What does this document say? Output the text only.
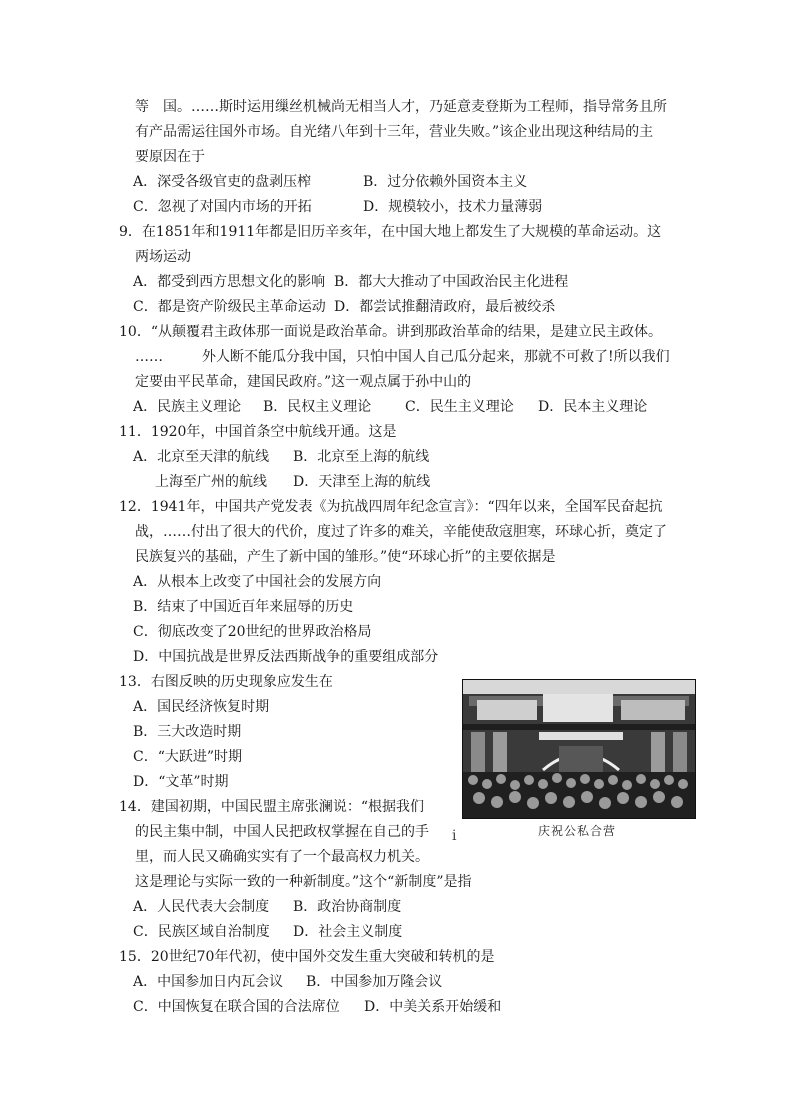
等　国。……斯时运用缫丝机械尚无相当人才，乃延意麦登斯为工程师，指导常务且所
有产品需运往国外市场。自光绪八年到十三年，营业失败。”该企业出现这种结局的主
要原因在于
A．深受各级官吏的盘剥压榨	B．过分依赖外国资本主义
C．忽视了对国内市场的开拓	D．规模较小，技术力量薄弱
9．在1851年和1911年都是旧历辛亥年，在中国大地上都发生了大规模的革命运动。这
两场运动
A．都受到西方思想文化的影响 B．都大大推动了中国政治民主化进程
C．都是资产阶级民主革命运动 D．都尝试推翻清政府，最后被绞杀
10．“从颠覆君主政体那一面说是政治革命。讲到那政治革命的结果，是建立民主政体。
……	外人断不能瓜分我中国，只怕中国人自己瓜分起来，那就不可救了!所以我们
定要由平民革命，建国民政府。”这一观点属于孙中山的
A．民族主义理论 B．民权主义理论 C．民生主义理论 D．民本主义理论
11．1920年，中国首条空中航线开通。这是
A．北京至天津的航线 B．北京至上海的航线
上海至广州的航线 D．天津至上海的航线
12．1941年，中国共产党发表《为抗战四周年纪念宣言》：“四年以来，全国军民奋起抗
战，……付出了很大的代价，度过了许多的难关，辛能使敌寇胆寒，环球心折，奠定了
民族复兴的基础，产生了新中国的雏形。”使“环球心折”的主要依据是
A．从根本上改变了中国社会的发展方向
B．结束了中国近百年来屈辱的历史
C．彻底改变了20世纪的世界政治格局
D．中国抗战是世界反法西斯战争的重要组成部分
13．右图反映的历史现象应发生在
A．国民经济恢复时期
B．三大改造时期
C．“大跃进”时期
D．“文革”时期
庆祝公私合营
i
14．建国初期，中国民盟主席张澜说：“根据我们
的民主集中制，中国人民把政权掌握在自己的手
里，而人民又确确实实有了一个最高权力机关。
这是理论与实际一致的一种新制度。”这个“新制度”是指
A．人民代表大会制度 B．政治协商制度
C．民族区域自治制度 D．社会主义制度
15．20世纪70年代初，使中国外交发生重大突破和转机的是
A．中国参加日内瓦会议 B．中国参加万隆会议
C．中国恢复在联合国的合法席位 D．中美关系开始缓和
